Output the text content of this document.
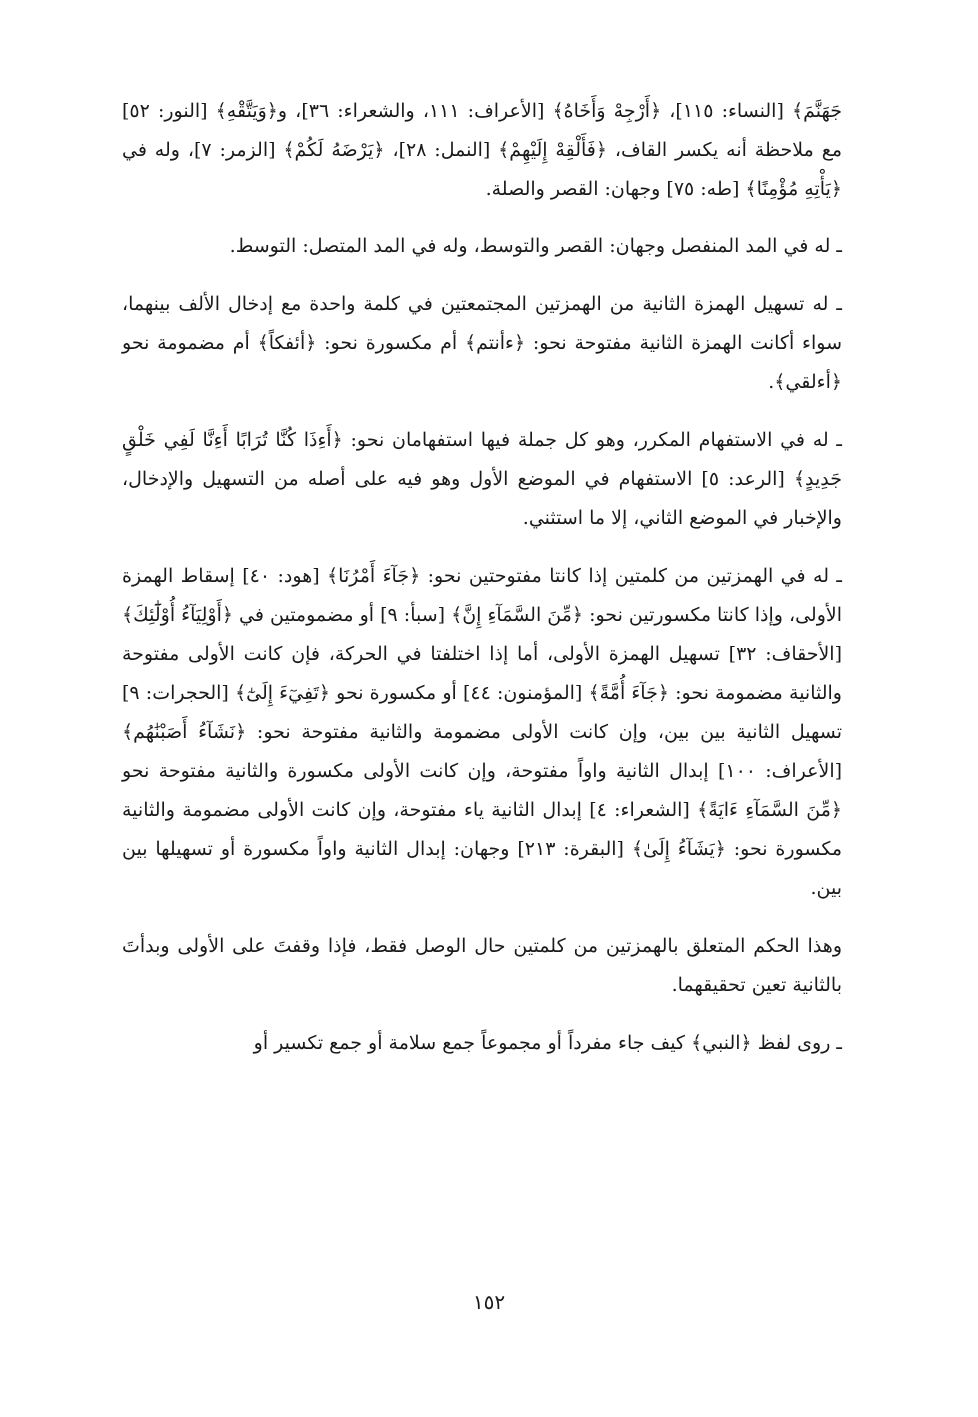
جَهَنَّمَ﴾ [النساء: ١١٥]، ﴿أَرْجِهْ وَأَخَاهُ﴾ [الأعراف: ١١١، والشعراء: ٣٦]، و﴿وَيَتَّقْهِ﴾ [النور: ٥٢] مع ملاحظة أنه يكسر القاف، ﴿فَأَلْقِهْ إِلَيْهِمْ﴾ [النمل: ٢٨]، ﴿يَرْضَهُ لَكُمْ﴾ [الزمر: ٧]، وله في ﴿يَأْتِهِ مُؤْمِنًا﴾ [طه: ٧٥] وجهان: القصر والصلة.

ـ له في المد المنفصل وجهان: القصر والتوسط، وله في المد المتصل: التوسط.

ـ له تسهيل الهمزة الثانية من الهمزتين المجتمعتين في كلمة واحدة مع إدخال الألف بينهما، سواء أكانت الهمزة الثانية مفتوحة نحو: ﴿ءأنتم﴾ أم مكسورة نحو: ﴿أئفكاً﴾ أم مضمومة نحو ﴿أءلقي﴾.

ـ له في الاستفهام المكرر، وهو كل جملة فيها استفهامان نحو: ﴿أَءِذَا كُنَّا تُرَابًا أَءِنَّا لَفِي خَلْقٍ جَدِيدٍ﴾ [الرعد: ٥] الاستفهام في الموضع الأول وهو فيه على أصله من التسهيل والإدخال، والإخبار في الموضع الثاني، إلا ما استثني.

ـ له في الهمزتين من كلمتين إذا كانتا مفتوحتين نحو: ﴿جَآءَ أَمْرُنَا﴾ [هود: ٤٠] إسقاط الهمزة الأولى، وإذا كانتا مكسورتين نحو: ﴿مِّنَ السَّمَآءِ إِنَّ﴾ [سبأ: ٩] أو مضمومتين في ﴿أَوْلِيَآءُ أُوْلَٰٓئِكَ﴾ [الأحقاف: ٣٢] تسهيل الهمزة الأولى، أما إذا اختلفتا في الحركة، فإن كانت الأولى مفتوحة والثانية مضمومة نحو: ﴿جَآءَ أُمَّةً﴾ [المؤمنون: ٤٤] أو مكسورة نحو ﴿تَفِيٓءَ إِلَىٰٓ﴾ [الحجرات: ٩] تسهيل الثانية بين بين، وإن كانت الأولى مضمومة والثانية مفتوحة نحو: ﴿نَشَآءُ أَصَبْنَٰهُم﴾ [الأعراف: ١٠٠] إبدال الثانية واواً مفتوحة، وإن كانت الأولى مكسورة والثانية مفتوحة نحو ﴿مِّنَ السَّمَآءِ ءَايَةً﴾ [الشعراء: ٤] إبدال الثانية ياء مفتوحة، وإن كانت الأولى مضمومة والثانية مكسورة نحو: ﴿يَشَآءُ إِلَىٰ﴾ [البقرة: ٢١٣] وجهان: إبدال الثانية واواً مكسورة أو تسهيلها بين بين.

وهذا الحكم المتعلق بالهمزتين من كلمتين حال الوصل فقط، فإذا وقفتَ على الأولى وبدأتَ بالثانية تعين تحقيقهما.

ـ روى لفظ ﴿النبي﴾ كيف جاء مفرداً أو مجموعاً جمع سلامة أو جمع تكسير أو

١٥٢
